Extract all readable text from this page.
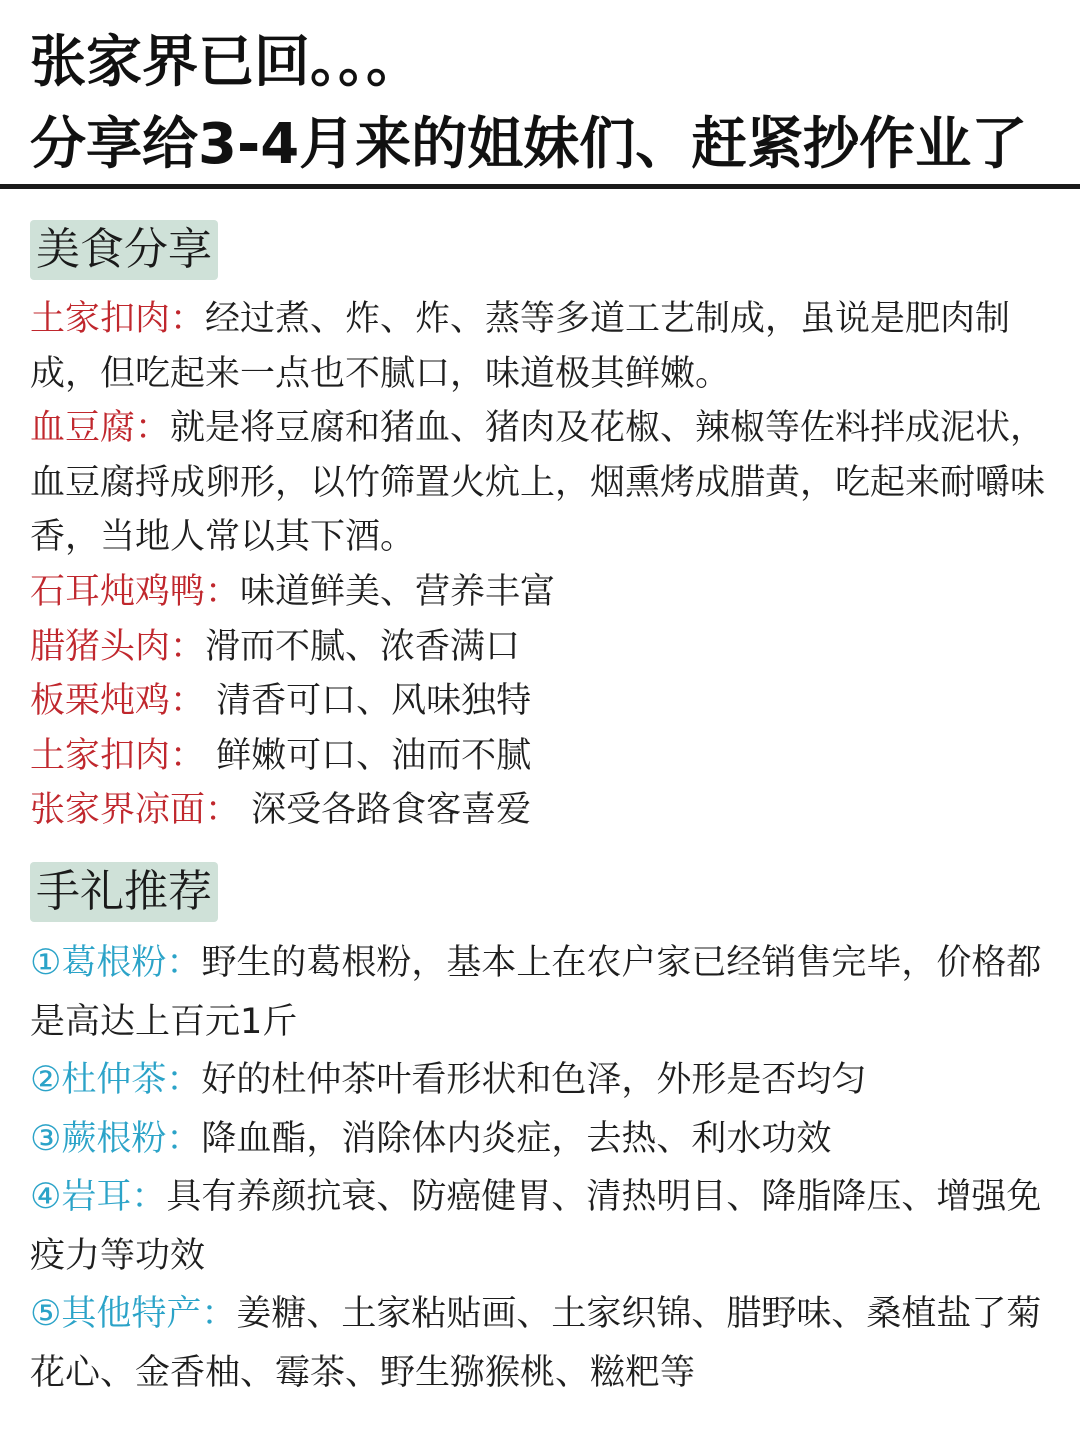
张家界已回。。。
分享给3-4月来的姐妹们、赶紧抄作业了
美食分享
土家扣肉：经过煮、炸、炸、蒸等多道工艺制成，虽说是肥肉制成，但吃起来一点也不腻口，味道极其鲜嫩。
血豆腐：就是将豆腐和猪血、猪肉及花椒、辣椒等佐料拌成泥状，血豆腐捋成卵形，以竹筛置火炕上，烟熏烤成腊黄，吃起来耐嚼味香，当地人常以其下酒。
石耳炖鸡鸭：味道鲜美、营养丰富
腊猪头肉：滑而不腻、浓香满口
板栗炖鸡： 清香可口、风味独特
土家扣肉： 鲜嫩可口、油而不腻
张家界凉面： 深受各路食客喜爱
手礼推荐
①葛根粉：野生的葛根粉，基本上在农户家已经销售完毕，价格都是高达上百元1斤
②杜仲茶：好的杜仲茶叶看形状和色泽，外形是否均匀
③蕨根粉：降血酯，消除体内炎症，去热、利水功效
④岩耳：具有养颜抗衰、防癌健胃、清热明目、降脂降压、增强免疫力等功效
⑤其他特产：姜糖、土家粘贴画、土家织锦、腊野味、桑植盐了菊花心、金香柚、霉茶、野生猕猴桃、糍粑等
